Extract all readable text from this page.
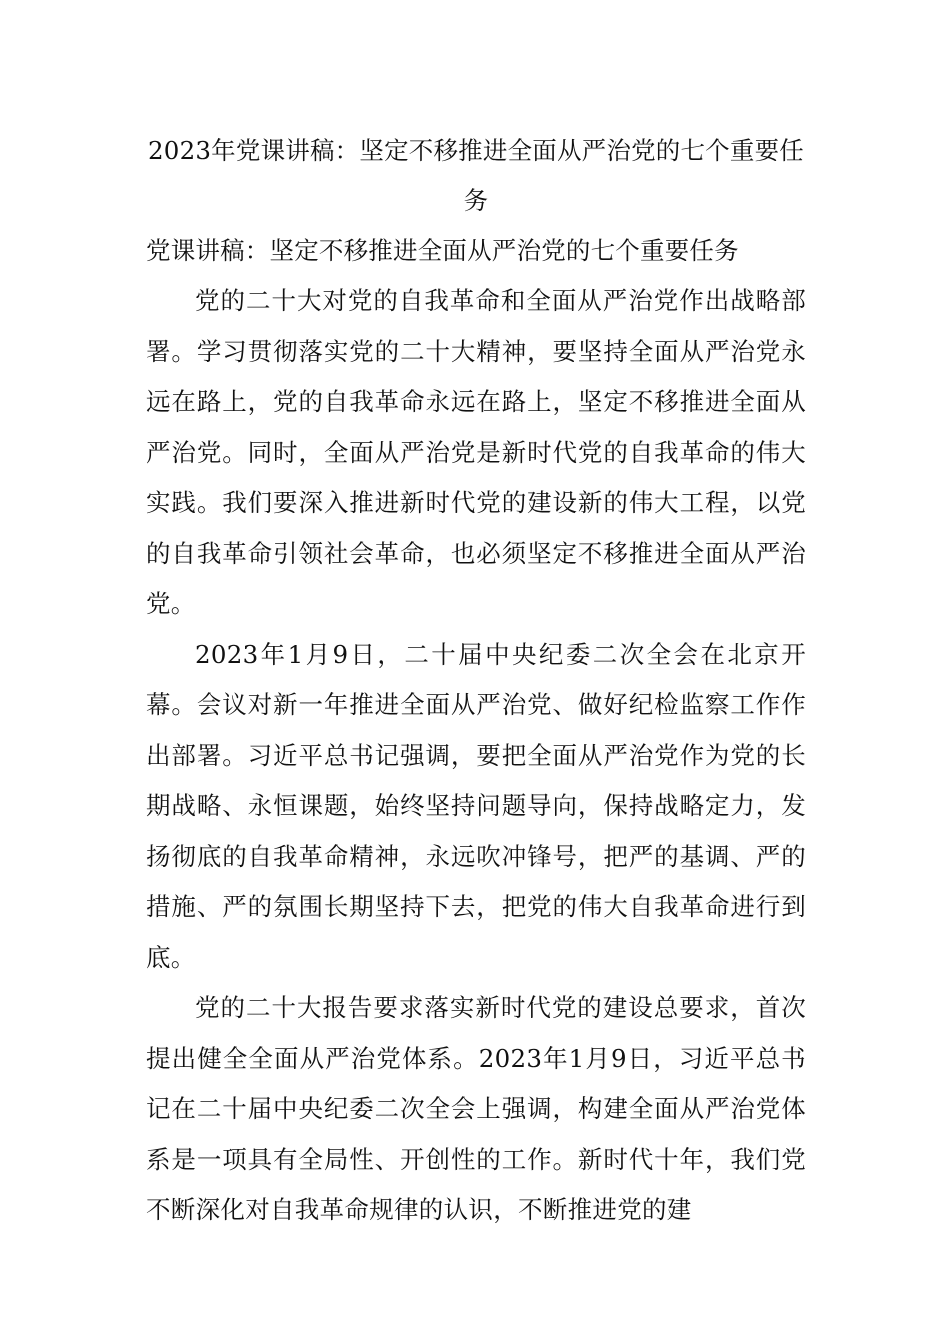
2023年党课讲稿：坚定不移推进全面从严治党的七个重要任务

党课讲稿：坚定不移推进全面从严治党的七个重要任务

党的二十大对党的自我革命和全面从严治党作出战略部署。学习贯彻落实党的二十大精神，要坚持全面从严治党永远在路上，党的自我革命永远在路上，坚定不移推进全面从严治党。同时，全面从严治党是新时代党的自我革命的伟大实践。我们要深入推进新时代党的建设新的伟大工程，以党的自我革命引领社会革命，也必须坚定不移推进全面从严治党。

2023年1月9日，二十届中央纪委二次全会在北京开幕。会议对新一年推进全面从严治党、做好纪检监察工作作出部署。习近平总书记强调，要把全面从严治党作为党的长期战略、永恒课题，始终坚持问题导向，保持战略定力，发扬彻底的自我革命精神，永远吹冲锋号，把严的基调、严的措施、严的氛围长期坚持下去，把党的伟大自我革命进行到底。

党的二十大报告要求落实新时代党的建设总要求，首次提出健全全面从严治党体系。2023年1月9日，习近平总书记在二十届中央纪委二次全会上强调，构建全面从严治党体系是一项具有全局性、开创性的工作。新时代十年，我们党不断深化对自我革命规律的认识，不断推进党的建
